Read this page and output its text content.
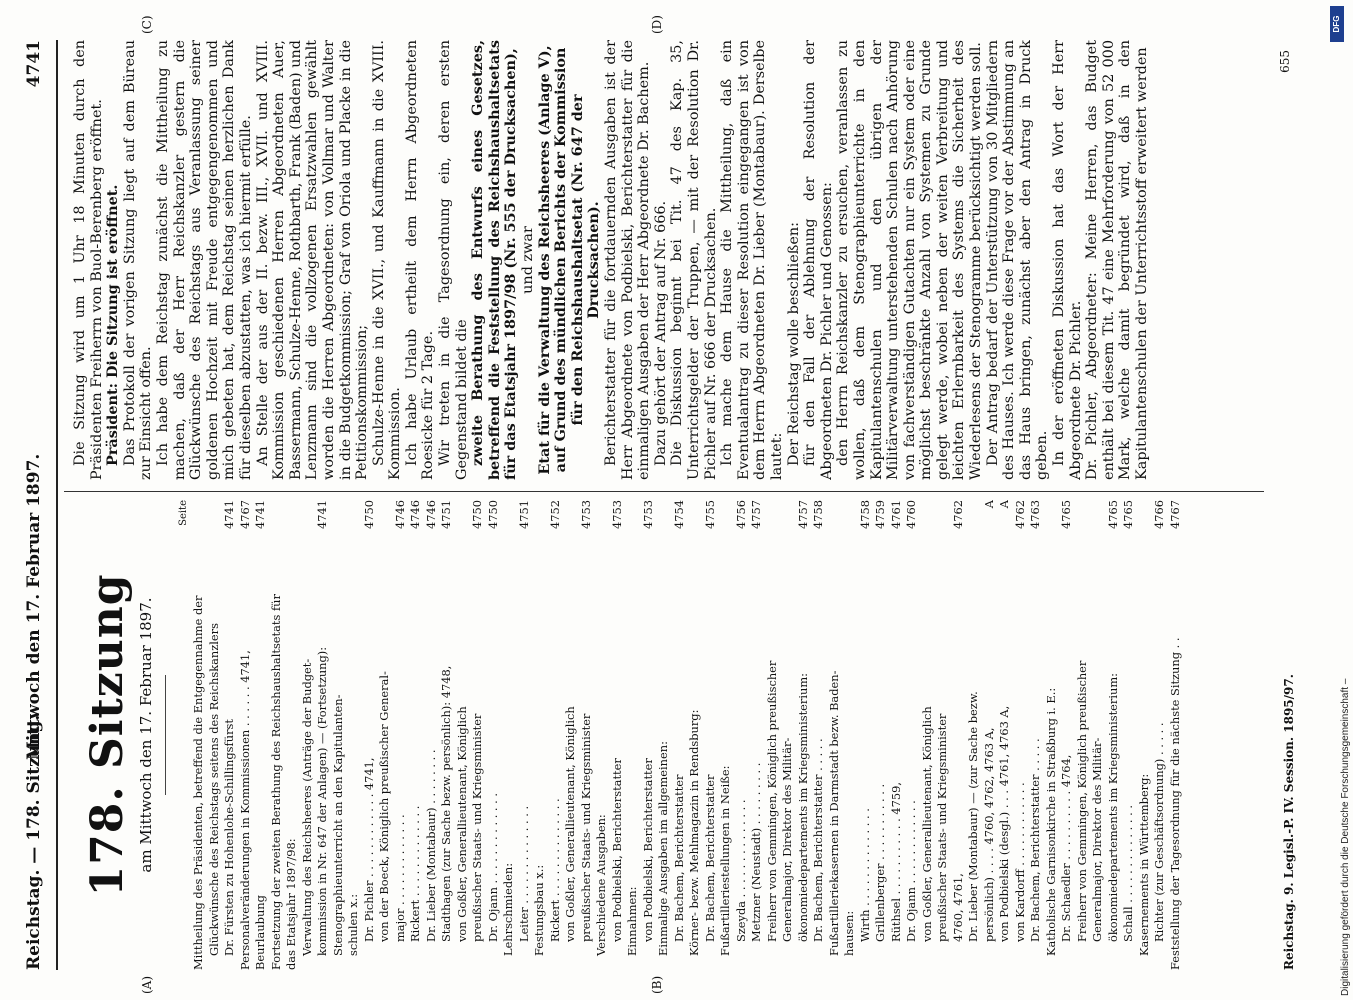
Reichstag. — 178. Sitzung.
Mittwoch den 17. Februar 1897.
4741
(A)	(B)
(C)	(D)
178. Sitzung am Mittwoch den 17. Februar 1897.
Seite
Mittheilung des Präsidenten, betreffend die Entgegennahme der Glückwünsche des Reichstags seitens des Reichskanzlers Dr. Fürsten zu Hohenlohe-Schillingsfürst
4741
Personalveränderungen in Kommissionen . . . . . . 4741,
4767
Beurlaubung
4741
Fortsetzung der zweiten Berathung des Reichshaushaltsetats für das Etatsjahr 1897/98: Verwaltung des Reichsheeres (Anträge der Budget- kommission in Nr. 647 der Anlagen) — (Fortsetzung):
4741
Stenographieunterricht an den Kapitulanten- schulen x.: Dr. Pichler . . . . . . . . . . . . 4741,
4750
von der Boeck, Königlich preußischer General- major . . . . . . . . . . . . .
4746
Rickert . . . . . . . . . . . . .
4746
Dr. Lieber (Montabaur) . . . . . . . .
4746
Stadthagen (zur Sache bezw. persönlich): 4748,
4751
von Goßler, Generallieutenant, Königlich preußischer Staats- und Kriegsminister
4750
Dr. Ojann . . . . . . . . . . . . .
4750
Lehrschmieden: Leiter . . . . . . . . . . . . . .
4751
Festungsbau x.: Rickert . . . . . . . . . . . . . .
4752
von Goßler, Generallieutenant, Königlich preußischer Staats- und Kriegsminister
4753
Verschiedene Ausgaben: von Podbielski, Berichterstatter
4753
Einnahmen: von Podbielski, Berichterstatter
4753
Einmalige Ausgaben im allgemeinen: Dr. Bachem, Berichterstatter
4754
Körner- bezw. Mehlmagazin in Rendsburg: Dr. Bachem, Berichterstatter
4755
Fußartilleriestellungen in Neiße: Szeyda . . . . . . . . . . . . . .
4756
Metzner (Neustadt) . . . . . . . . .
4757
Freiherr von Gemmingen, Königlich preußischer Generalmajor, Direktor des Militär- ökonomiedepartements im Kriegsministerium:
4757
Dr. Bachem, Berichterstatter . . . . .
4758
Fußartilleriekasernen in Darmstadt bezw. Baden- hausen: Wirth . . . . . . . . . . . . . .
4758
Grillenberger . . . . . . . . . . .
4759
Rüthsel . . . . . . . . . . . 4759,
4761
Dr. Ojann . . . . . . . . . . . .
4760
von Goßler, Generallieutenant, Königlich preußischer Staats- und Kriegsminister 4760, 4761,
4762
Dr. Lieber (Montabaur) — (zur Sache bezw. persönlich) . . . . 4760, 4762, 4763 A,
A
von Podbielski (desgl.) . . . 4761, 4763 A,
A
von Kardorff . . . . . . . . . . . .
4762
Dr. Bachem, Berichterstatter . . . . .
4763
Katholische Garnisonkirche in Straßburg i. E.: Dr. Schaedler . . . . . . . . . . 4764,
4765
Freiherr von Gemmingen, Königlich preußischer Generalmajor, Direktor des Militär- ökonomiedepartements im Kriegsministerium:
4765
Schall . . . . . . . . . . . . . .
4765
Kasernements in Württemberg: Richter (zur Geschäftsordnung) . . . . .
4766
Feststellung der Tagesordnung für die nächste Sitzung . .
4767

Die Sitzung wird um 1 Uhr 18 Minuten durch den Präsidenten Freiherrn von Buol-Berenberg eröffnet. Präsident: Die Sitzung ist eröffnet. Das Protokoll der vorigen Sitzung liegt auf dem Büreau zur Einsicht offen. Ich habe dem Reichstag zunächst die Mittheilung zu machen, daß der Herr Reichskanzler gestern die Glückwünsche des Reichstags aus Veranlassung seiner goldenen Hochzeit mit Freude entgegengenommen und mich gebeten hat, dem Reichstag seinen herzlichen Dank für dieselben abzustatten, was ich hiermit erfülle. An Stelle der aus der II. bezw. III., XVII. und XVIII. Kommission geschiedenen Herren Abgeordneten Auer, Bassermann, Schulze-Henne, Rothbarth, Frank (Baden) und Lenzmann sind die vollzogenen Ersatzwahlen gewählt worden die Herren Abgeordneten: von Vollmar und Walter in die Budgetkommission; Graf von Oriola und Placke in die Petitionskommission; Schulze-Henne in die XVII., und Kauffmann in die XVIII. Kommission. Ich habe Urlaub ertheilt dem Herrn Abgeordneten Roesicke für 2 Tage. Wir treten in die Tagesordnung ein, deren ersten Gegenstand bildet die zweite Berathung des Entwurfs eines Gesetzes, betreffend die Feststellung des Reichshaushaltsetats für das Etatsjahr 1897/98 (Nr. 555 der Drucksachen), und zwar Etat für die Verwaltung des Reichsheeres (Anlage V), auf Grund des mündlichen Berichts der Kommission für den Reichshaushaltsetat (Nr. 647 der Drucksachen). Berichterstatter für die fortdauernden Ausgaben ist der Herr Abgeordnete von Podbielski, Berichterstatter für die einmaligen Ausgaben der Herr Abgeordnete Dr. Bachem. Dazu gehört der Antrag auf Nr. 666. Die Diskussion beginnt bei Tit. 47 des Kap. 35, Unterrichtsgelder der Truppen, — mit der Resolution Dr. Pichler auf Nr. 666 der Drucksachen. Ich mache dem Hause die Mittheilung, daß ein Eventualantrag zu dieser Resolution eingegangen ist von dem Herrn Abgeordneten Dr. Lieber (Montabaur). Derselbe lautet: Der Reichstag wolle beschließen: für den Fall der Ablehnung der Resolution der Abgeordneten Dr. Pichler und Genossen: den Herrn Reichskanzler zu ersuchen, veranlassen zu wollen, daß dem Stenographieunterrichte in den Kapitulantenschulen und den übrigen der Militärverwaltung unterstehenden Schulen nach Anhörung von fachverständigen Gutachten nur ein System oder eine möglichst beschränkte Anzahl von Systemen zu Grunde gelegt werde, wobei neben der weiten Verbreitung und leichten Erlernbarkeit des Systems die Sicherheit des Wiederlesens der Stenogramme berücksichtigt werden soll. Der Antrag bedarf der Unterstützung von 30 Mitgliedern des Hauses. Ich werde diese Frage vor der Abstimmung an das Haus bringen, zunächst aber den Antrag in Druck geben. In der eröffneten Diskussion hat das Wort der Herr Abgeordnete Dr. Pichler. Dr. Pichler, Abgeordneter: Meine Herren, das Budget enthält bei diesem Tit. 47 eine Mehrforderung von 52 000 Mark, welche damit begründet wird, daß in den Kapitulantenschulen der Unterrichtsstoff erweitert werden

Reichstag. 9. Legisl.-P. IV. Session. 1895/97.
655
DFG
Digitalisierung gefördert durch die Deutsche Forschungsgemeinschaft –
